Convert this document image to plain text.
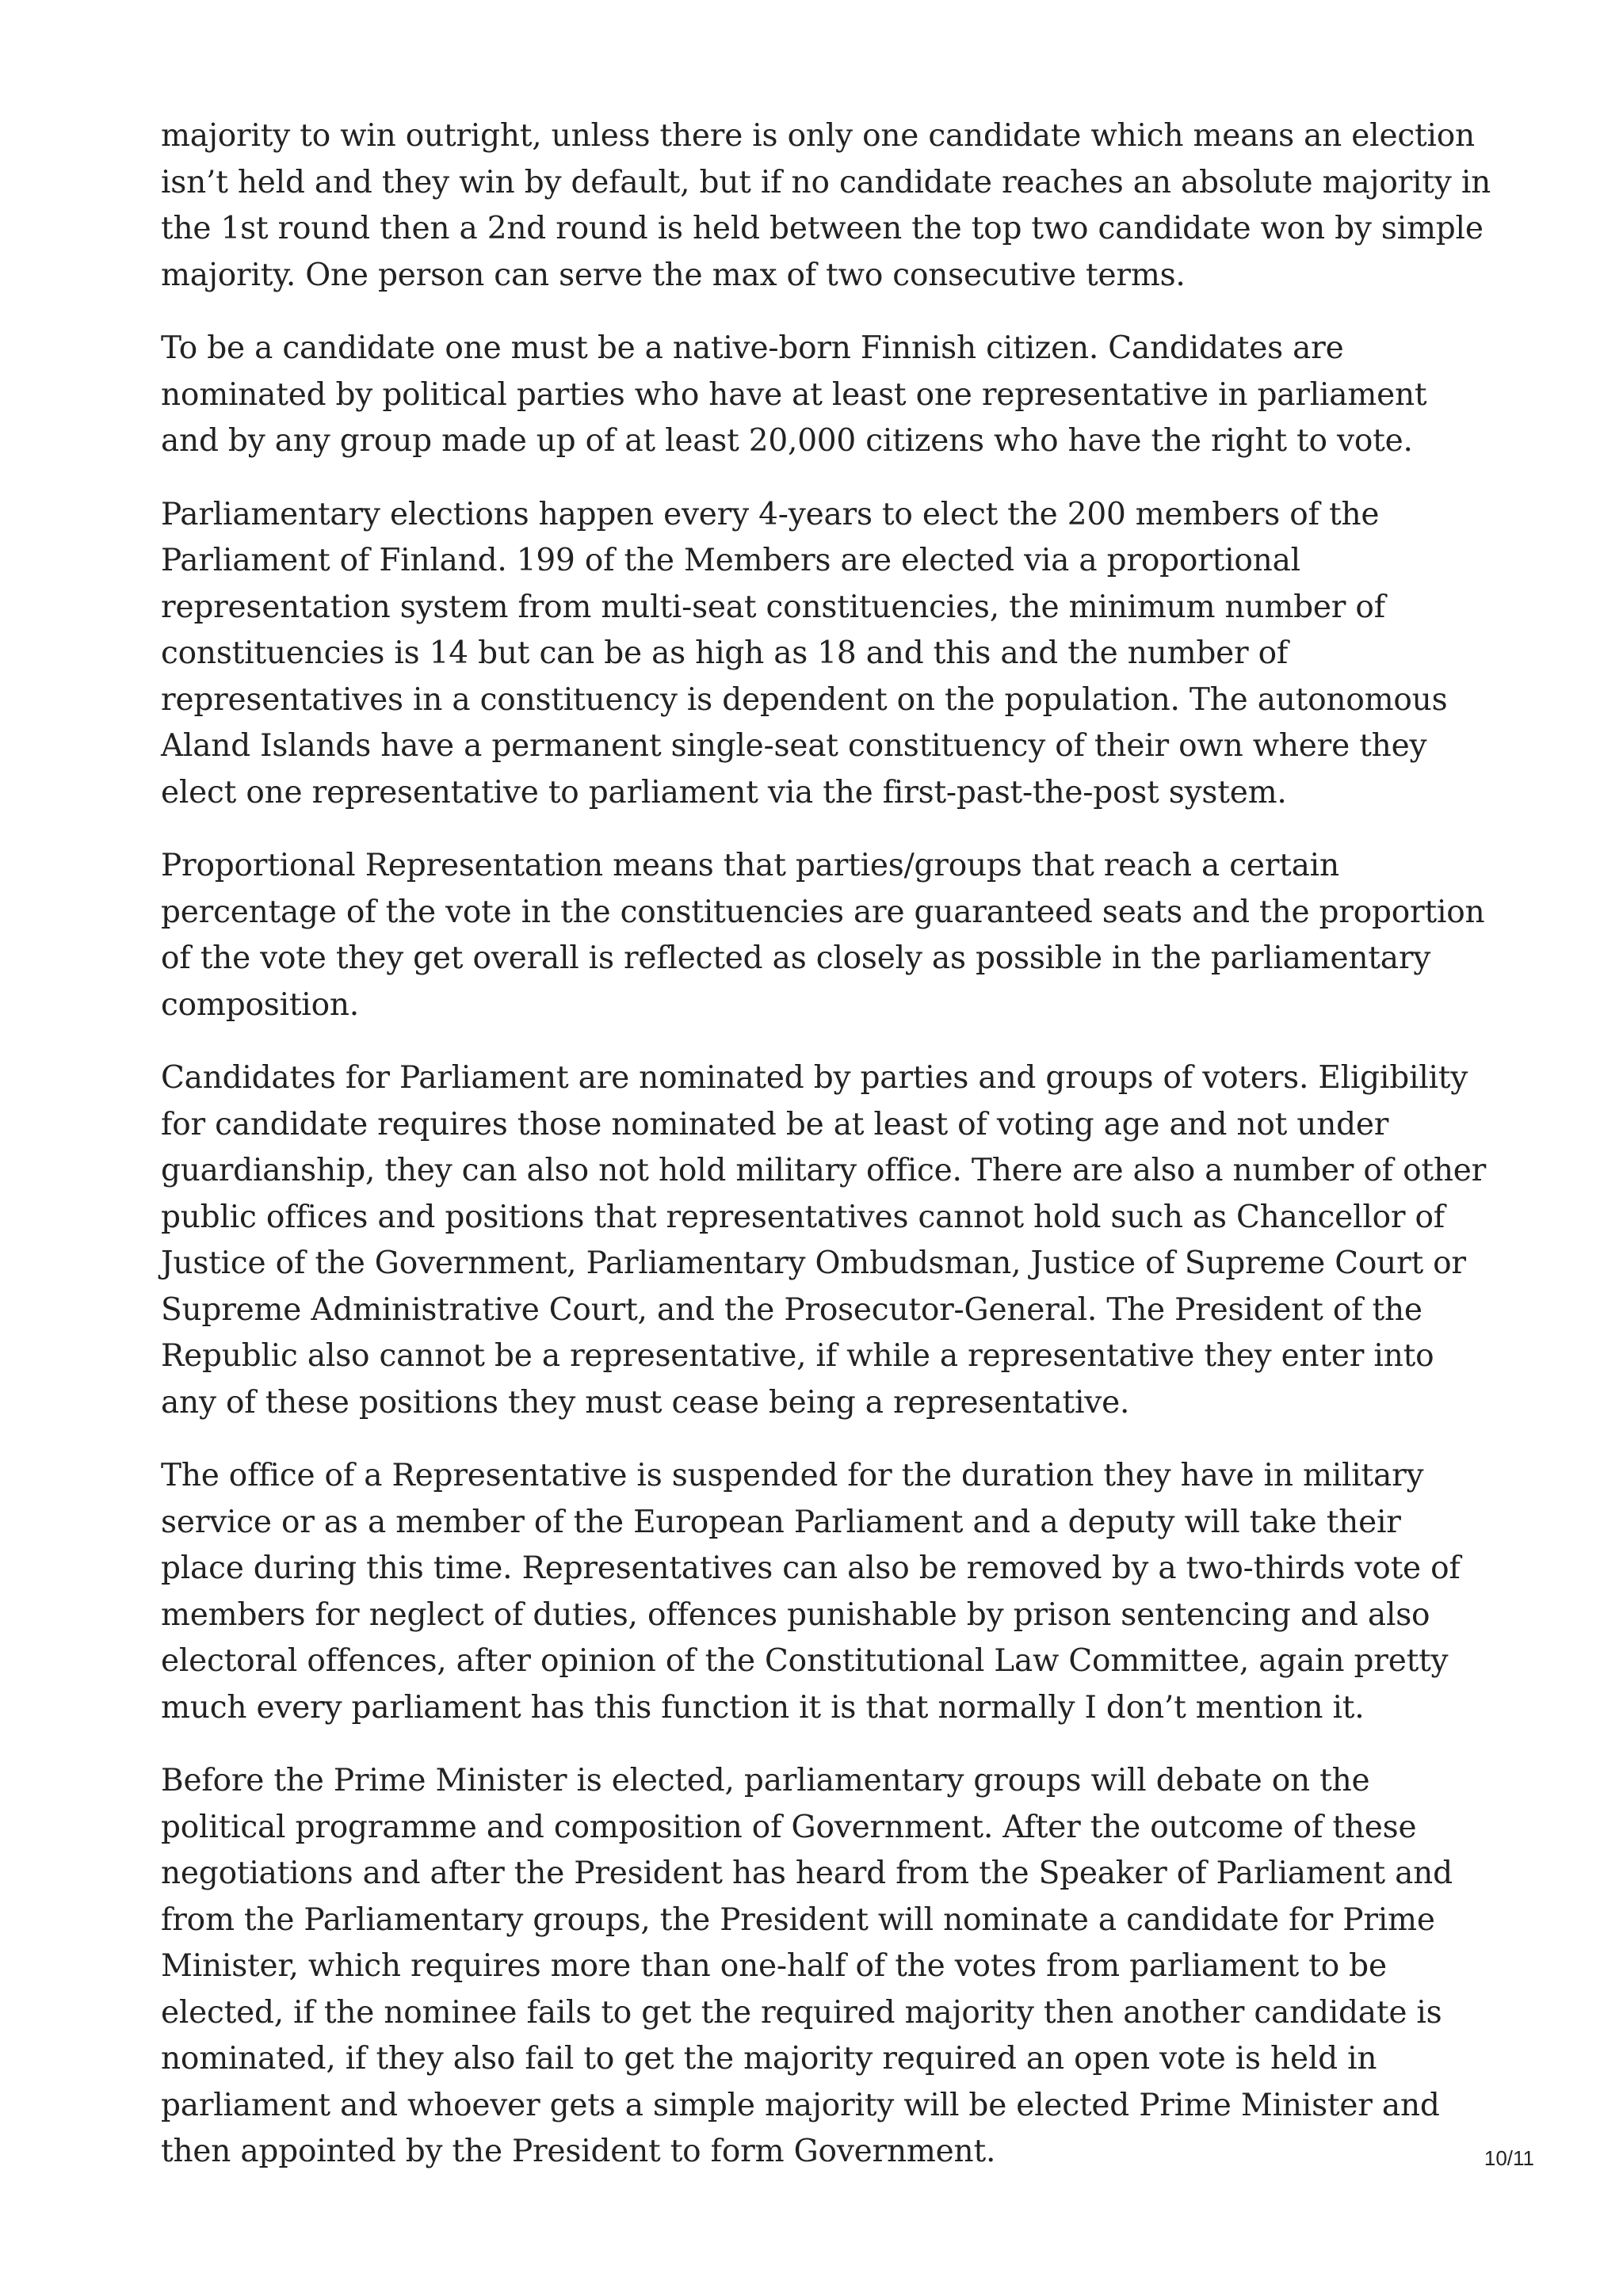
majority to win outright, unless there is only one candidate which means an election isn’t held and they win by default, but if no candidate reaches an absolute majority in the 1st round then a 2nd round is held between the top two candidate won by simple majority. One person can serve the max of two consecutive terms.

To be a candidate one must be a native-born Finnish citizen. Candidates are nominated by political parties who have at least one representative in parliament and by any group made up of at least 20,000 citizens who have the right to vote.

Parliamentary elections happen every 4-years to elect the 200 members of the Parliament of Finland. 199 of the Members are elected via a proportional representation system from multi-seat constituencies, the minimum number of constituencies is 14 but can be as high as 18 and this and the number of representatives in a constituency is dependent on the population. The autonomous Aland Islands have a permanent single-seat constituency of their own where they elect one representative to parliament via the first-past-the-post system.

Proportional Representation means that parties/groups that reach a certain percentage of the vote in the constituencies are guaranteed seats and the proportion of the vote they get overall is reflected as closely as possible in the parliamentary composition.

Candidates for Parliament are nominated by parties and groups of voters. Eligibility for candidate requires those nominated be at least of voting age and not under guardianship, they can also not hold military office. There are also a number of other public offices and positions that representatives cannot hold such as Chancellor of Justice of the Government, Parliamentary Ombudsman, Justice of Supreme Court or Supreme Administrative Court, and the Prosecutor-General. The President of the Republic also cannot be a representative, if while a representative they enter into any of these positions they must cease being a representative.

The office of a Representative is suspended for the duration they have in military service or as a member of the European Parliament and a deputy will take their place during this time. Representatives can also be removed by a two-thirds vote of members for neglect of duties, offences punishable by prison sentencing and also electoral offences, after opinion of the Constitutional Law Committee, again pretty much every parliament has this function it is that normally I don’t mention it.

Before the Prime Minister is elected, parliamentary groups will debate on the political programme and composition of Government. After the outcome of these negotiations and after the President has heard from the Speaker of Parliament and from the Parliamentary groups, the President will nominate a candidate for Prime Minister, which requires more than one-half of the votes from parliament to be elected, if the nominee fails to get the required majority then another candidate is nominated, if they also fail to get the majority required an open vote is held in parliament and whoever gets a simple majority will be elected Prime Minister and then appointed by the President to form Government.	10/11
